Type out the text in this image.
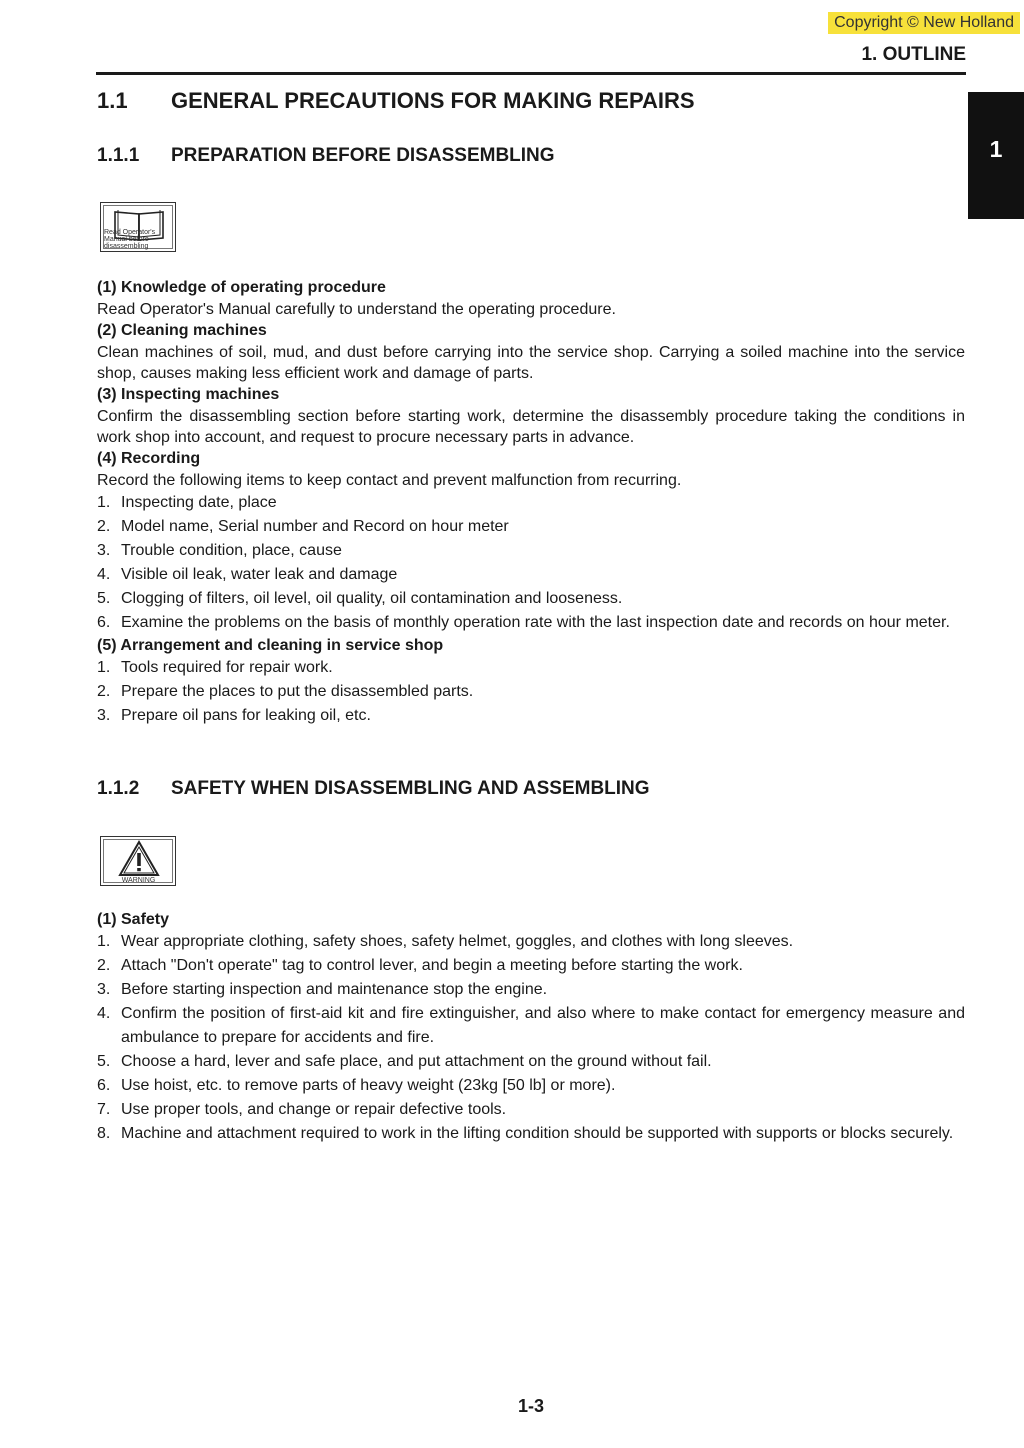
Copyright © New Holland
1. OUTLINE
1
1.1	GENERAL PRECAUTIONS FOR MAKING REPAIRS
1.1.1	PREPARATION BEFORE DISASSEMBLING
Read Operator's Manual before disassembling
(1) Knowledge of operating procedure
Read Operator's Manual carefully to understand the operating procedure.
(2) Cleaning machines
Clean machines of soil, mud, and dust before carrying into the service shop. Carrying a soiled machine into the service shop, causes making less efficient work and damage of parts.
(3) Inspecting machines
Confirm the disassembling section before starting work, determine the disassembly procedure taking the conditions in work shop into account, and request to procure necessary parts in advance.
(4) Recording
Record the following items to keep contact and prevent malfunction from recurring.
1. Inspecting date, place
2. Model name, Serial number and Record on hour meter
3. Trouble condition, place, cause
4. Visible oil leak, water leak and damage
5. Clogging of filters, oil level, oil quality, oil contamination and looseness.
6. Examine the problems on the basis of monthly operation rate with the last inspection date and records on hour meter.
(5) Arrangement and cleaning in service shop
1. Tools required for repair work.
2. Prepare the places to put the disassembled parts.
3. Prepare oil pans for leaking oil, etc.
1.1.2	SAFETY WHEN DISASSEMBLING AND ASSEMBLING
WARNING
(1) Safety
1. Wear appropriate clothing, safety shoes, safety helmet, goggles, and clothes with long sleeves.
2. Attach "Don't operate" tag to control lever, and begin a meeting before starting the work.
3. Before starting inspection and maintenance stop the engine.
4. Confirm the position of first-aid kit and fire extinguisher, and also where to make contact for emergency measure and ambulance to prepare for accidents and fire.
5. Choose a hard, lever and safe place, and put attachment on the ground without fail.
6. Use hoist, etc. to remove parts of heavy weight (23kg [50 lb] or more).
7. Use proper tools, and change or repair defective tools.
8. Machine and attachment required to work in the lifting condition should be supported with supports or blocks securely.
1-3
